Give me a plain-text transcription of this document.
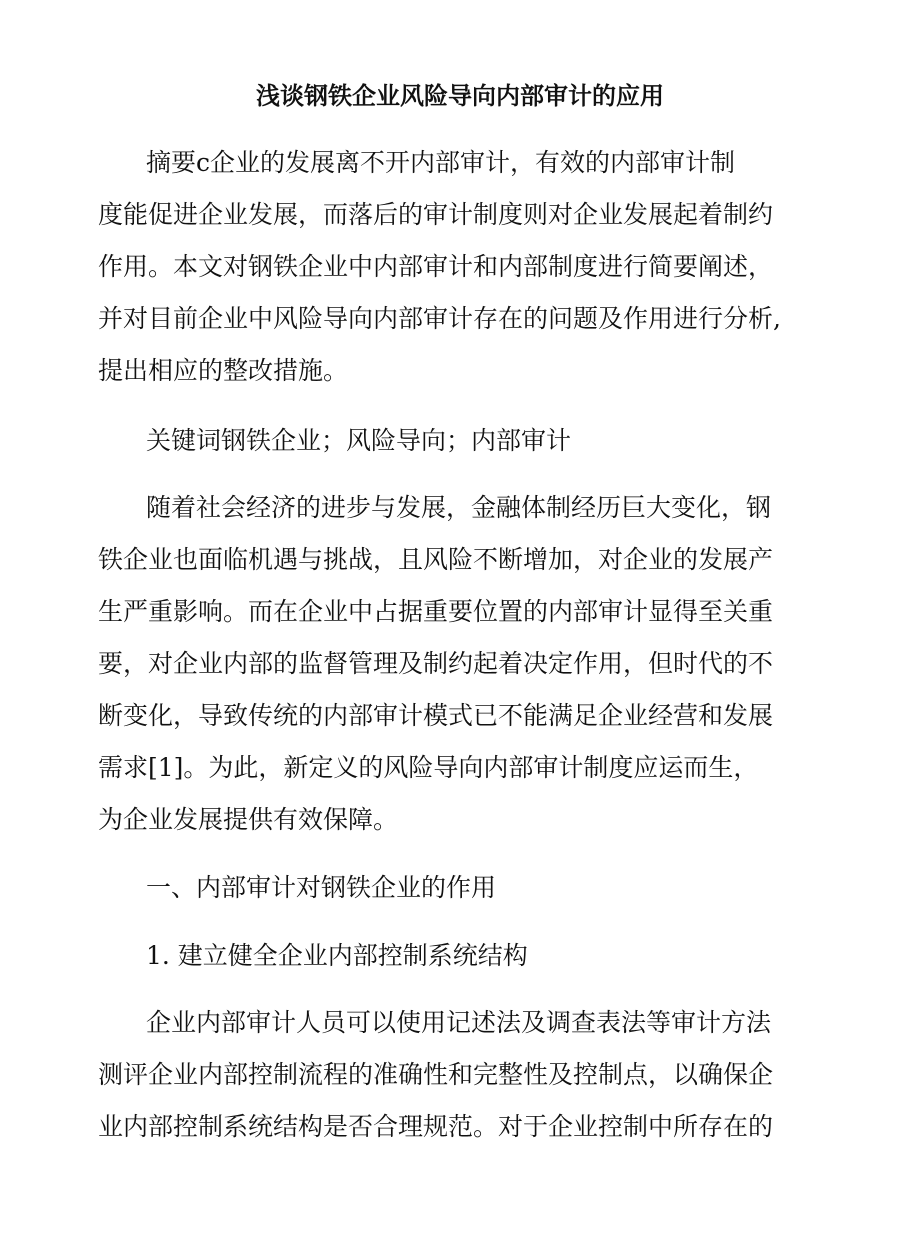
浅谈钢铁企业风险导向内部审计的应用
摘要c企业的发展离不开内部审计，有效的内部审计制
度能促进企业发展，而落后的审计制度则对企业发展起着制约
作用。本文对钢铁企业中内部审计和内部制度进行简要阐述，
并对目前企业中风险导向内部审计存在的问题及作用进行分析,
提出相应的整改措施。
关键词钢铁企业；风险导向；内部审计
随着社会经济的进步与发展，金融体制经历巨大变化，钢
铁企业也面临机遇与挑战，且风险不断增加，对企业的发展产
生严重影响。而在企业中占据重要位置的内部审计显得至关重
要，对企业内部的监督管理及制约起着决定作用，但时代的不
断变化，导致传统的内部审计模式已不能满足企业经营和发展
需求[1]。为此，新定义的风险导向内部审计制度应运而生，
为企业发展提供有效保障。
一、内部审计对钢铁企业的作用
1. 建立健全企业内部控制系统结构
企业内部审计人员可以使用记述法及调查表法等审计方法
测评企业内部控制流程的准确性和完整性及控制点，以确保企
业内部控制系统结构是否合理规范。对于企业控制中所存在的
